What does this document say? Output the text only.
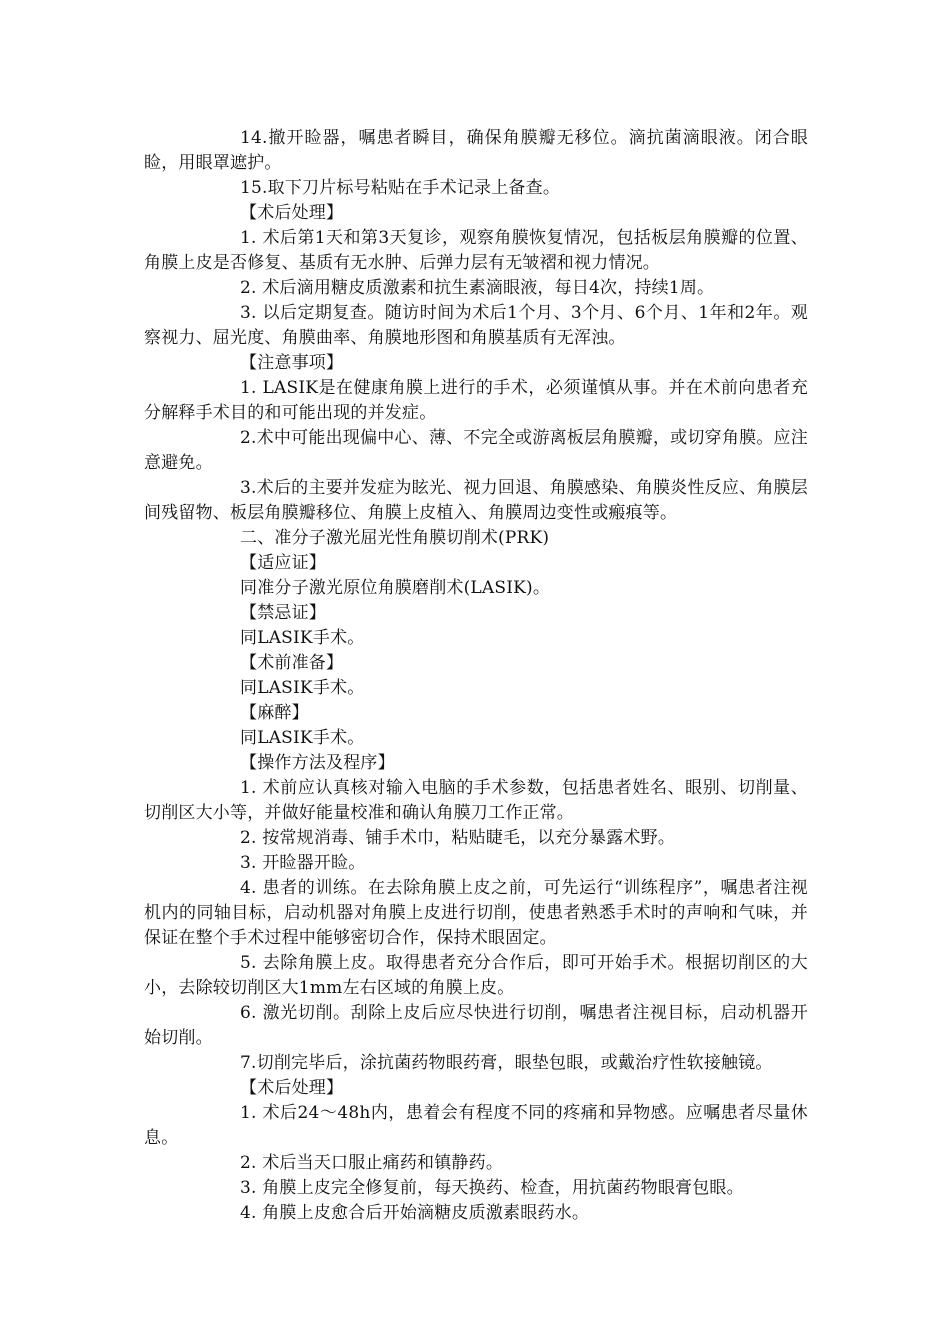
14.撤开睑器，嘱患者瞬目，确保角膜瓣无移位。滴抗菌滴眼液。闭合眼睑，用眼罩遮护。

15.取下刀片标号粘贴在手术记录上备查。

【术后处理】

1. 术后第1天和第3天复诊，观察角膜恢复情况，包括板层角膜瓣的位置、角膜上皮是否修复、基质有无水肿、后弹力层有无皱褶和视力情况。

2. 术后滴用糖皮质激素和抗生素滴眼液，每日4次，持续1周。

3. 以后定期复查。随访时间为术后1个月、3个月、6个月、1年和2年。观察视力、屈光度、角膜曲率、角膜地形图和角膜基质有无浑浊。

【注意事项】

1. LASIK是在健康角膜上进行的手术，必须谨慎从事。并在术前向患者充分解释手术目的和可能出现的并发症。

2.术中可能出现偏中心、薄、不完全或游离板层角膜瓣，或切穿角膜。应注意避免。

3.术后的主要并发症为眩光、视力回退、角膜感染、角膜炎性反应、角膜层间残留物、板层角膜瓣移位、角膜上皮植入、角膜周边变性或瘢痕等。

二、准分子激光屈光性角膜切削术(PRK)

【适应证】

同准分子激光原位角膜磨削术(LASIK)。

【禁忌证】

同LASIK手术。

【术前准备】

同LASIK手术。

【麻醉】

同LASIK手术。

【操作方法及程序】

1. 术前应认真核对输入电脑的手术参数，包括患者姓名、眼别、切削量、切削区大小等，并做好能量校准和确认角膜刀工作正常。

2. 按常规消毒、铺手术巾，粘贴睫毛，以充分暴露术野。

3. 开睑器开睑。

4. 患者的训练。在去除角膜上皮之前，可先运行“训练程序”，嘱患者注视机内的同轴目标，启动机器对角膜上皮进行切削，使患者熟悉手术时的声响和气味，并保证在整个手术过程中能够密切合作，保持术眼固定。

5. 去除角膜上皮。取得患者充分合作后，即可开始手术。根据切削区的大小，去除较切削区大1mm左右区域的角膜上皮。

6. 激光切削。刮除上皮后应尽快进行切削，嘱患者注视目标，启动机器开始切削。

7.切削完毕后，涂抗菌药物眼药膏，眼垫包眼，或戴治疗性软接触镜。

【术后处理】

1. 术后24～48h内，患着会有程度不同的疼痛和异物感。应嘱患者尽量休息。

2. 术后当天口服止痛药和镇静药。

3. 角膜上皮完全修复前，每天换药、检查，用抗菌药物眼膏包眼。

4. 角膜上皮愈合后开始滴糖皮质激素眼药水。
